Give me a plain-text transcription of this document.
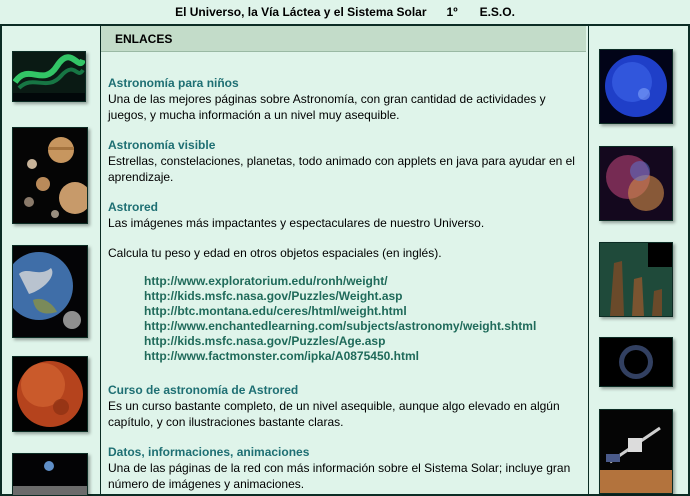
El Universo, la Vía Láctea y el Sistema Solar 1º E.S.O.
ENLACES
Astronomía para niños

Una de las mejores páginas sobre Astronomía, con gran cantidad de actividades y juegos, y mucha información a un nivel muy asequible.

Astronomía visible

Estrellas, constelaciones, planetas, todo animado con applets en java para ayudar en el aprendizaje.

Astrored

Las imágenes más impactantes y espectaculares de nuestro Universo.

Calcula tu peso y edad en otros objetos espaciales (en inglés).

http://www.exploratorium.edu/ronh/weight/
http://kids.msfc.nasa.gov/Puzzles/Weight.asp
http://btc.montana.edu/ceres/html/weight.html
http://www.enchantedlearning.com/subjects/astronomy/weight.shtml
http://kids.msfc.nasa.gov/Puzzles/Age.asp
http://www.factmonster.com/ipka/A0875450.html
Curso de astronomía de Astrored

Es un curso bastante completo, de un nivel asequible, aunque algo elevado en algún capítulo, y con ilustraciones bastante claras.

Datos, informaciones, animaciones

Una de las páginas de la red con más información sobre el Sistema Solar; incluye gran número de imágenes y animaciones.
